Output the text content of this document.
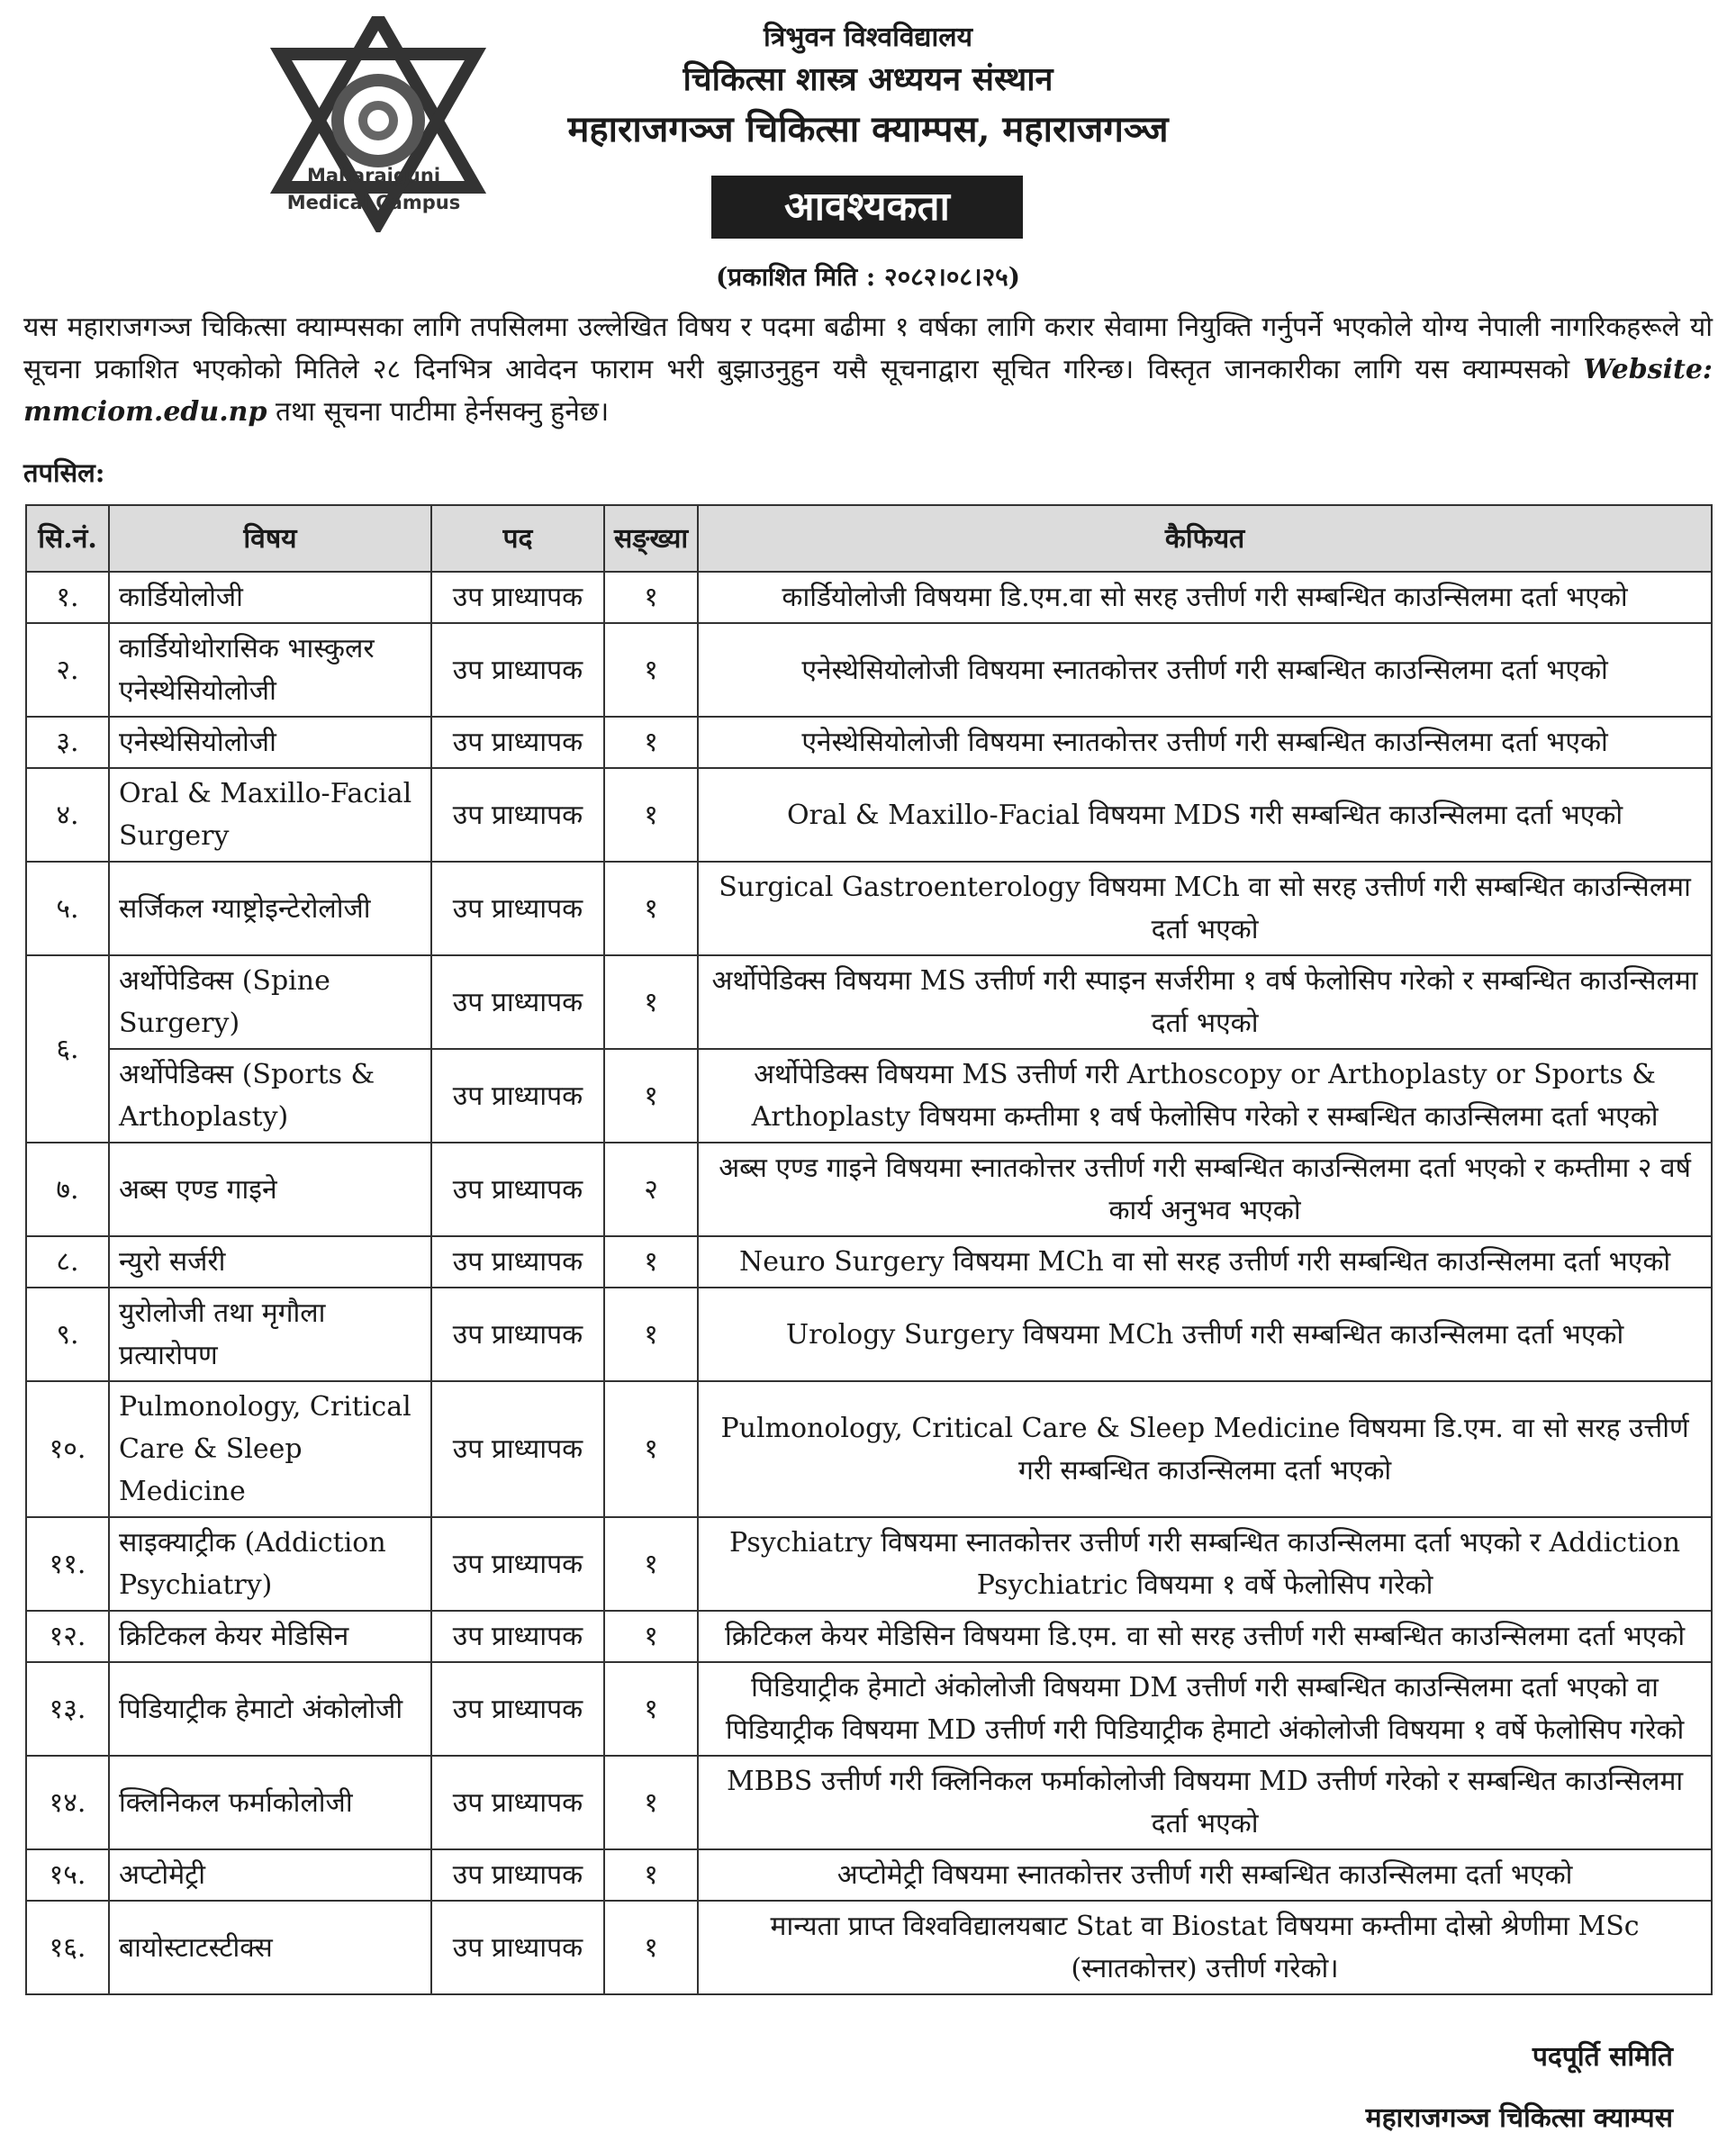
Maharajgunj
Medical Campus
त्रिभुवन विश्वविद्यालय
चिकित्सा शास्त्र अध्ययन संस्थान
महाराजगञ्ज चिकित्सा क्याम्पस, महाराजगञ्ज
आवश्यकता
(प्रकाशित मिति : २०८२।०८।२५)
यस महाराजगञ्ज चिकित्सा क्याम्पसका लागि तपसिलमा उल्लेखित विषय र पदमा बढीमा १ वर्षका लागि करार सेवामा नियुक्ति गर्नुपर्ने भएकोले योग्य नेपाली नागरिकहरूले यो सूचना प्रकाशित भएकोको मितिले २८ दिनभित्र आवेदन फाराम भरी बुझाउनुहुन यसै सूचनाद्वारा सूचित गरिन्छ। विस्तृत जानकारीका लागि यस क्याम्पसको Website: mmciom.edu.np तथा सूचना पाटीमा हेर्नसक्नु हुनेछ।
तपसिल:
सि.नं.	विषय	पद	सङ्ख्या	कैफियत
१.	कार्डियोलोजी	उप प्राध्यापक	१	कार्डियोलोजी विषयमा डि.एम.वा सो सरह उत्तीर्ण गरी सम्बन्धित काउन्सिलमा दर्ता भएको
२.	कार्डियोथोरासिक भास्कुलर एनेस्थेसियोलोजी	उप प्राध्यापक	१	एनेस्थेसियोलोजी विषयमा स्नातकोत्तर उत्तीर्ण गरी सम्बन्धित काउन्सिलमा दर्ता भएको
३.	एनेस्थेसियोलोजी	उप प्राध्यापक	१	एनेस्थेसियोलोजी विषयमा स्नातकोत्तर उत्तीर्ण गरी सम्बन्धित काउन्सिलमा दर्ता भएको
४.	Oral & Maxillo-Facial Surgery	उप प्राध्यापक	१	Oral & Maxillo-Facial विषयमा MDS गरी सम्बन्धित काउन्सिलमा दर्ता भएको
५.	सर्जिकल ग्याष्ट्रोइन्टेरोलोजी	उप प्राध्यापक	१	Surgical Gastroenterology विषयमा MCh वा सो सरह उत्तीर्ण गरी सम्बन्धित काउन्सिलमा दर्ता भएको
६.	अर्थोपेडिक्स (Spine Surgery)	उप प्राध्यापक	१	अर्थोपेडिक्स विषयमा MS उत्तीर्ण गरी स्पाइन सर्जरीमा १ वर्ष फेलोसिप गरेको र सम्बन्धित काउन्सिलमा दर्ता भएको
	अर्थोपेडिक्स (Sports & Arthoplasty)	उप प्राध्यापक	१	अर्थोपेडिक्स विषयमा MS उत्तीर्ण गरी Arthoscopy or Arthoplasty or Sports & Arthoplasty विषयमा कम्तीमा १ वर्ष फेलोसिप गरेको र सम्बन्धित काउन्सिलमा दर्ता भएको
७.	अब्स एण्ड गाइने	उप प्राध्यापक	२	अब्स एण्ड गाइने विषयमा स्नातकोत्तर उत्तीर्ण गरी सम्बन्धित काउन्सिलमा दर्ता भएको र कम्तीमा २ वर्ष कार्य अनुभव भएको
८.	न्युरो सर्जरी	उप प्राध्यापक	१	Neuro Surgery विषयमा MCh वा सो सरह उत्तीर्ण गरी सम्बन्धित काउन्सिलमा दर्ता भएको
९.	युरोलोजी तथा मृगौला प्रत्यारोपण	उप प्राध्यापक	१	Urology Surgery विषयमा MCh उत्तीर्ण गरी सम्बन्धित काउन्सिलमा दर्ता भएको
१०.	Pulmonology, Critical Care & Sleep Medicine	उप प्राध्यापक	१	Pulmonology, Critical Care & Sleep Medicine विषयमा डि.एम. वा सो सरह उत्तीर्ण गरी सम्बन्धित काउन्सिलमा दर्ता भएको
११.	साइक्याट्रीक (Addiction Psychiatry)	उप प्राध्यापक	१	Psychiatry विषयमा स्नातकोत्तर उत्तीर्ण गरी सम्बन्धित काउन्सिलमा दर्ता भएको र Addiction Psychiatric विषयमा १ वर्षे फेलोसिप गरेको
१२.	क्रिटिकल केयर मेडिसिन	उप प्राध्यापक	१	क्रिटिकल केयर मेडिसिन विषयमा डि.एम. वा सो सरह उत्तीर्ण गरी सम्बन्धित काउन्सिलमा दर्ता भएको
१३.	पिडियाट्रीक हेमाटो अंकोलोजी	उप प्राध्यापक	१	पिडियाट्रीक हेमाटो अंकोलोजी विषयमा DM उत्तीर्ण गरी सम्बन्धित काउन्सिलमा दर्ता भएको वा पिडियाट्रीक विषयमा MD उत्तीर्ण गरी पिडियाट्रीक हेमाटो अंकोलोजी विषयमा १ वर्षे फेलोसिप गरेको
१४.	क्लिनिकल फर्माकोलोजी	उप प्राध्यापक	१	MBBS उत्तीर्ण गरी क्लिनिकल फर्माकोलोजी विषयमा MD उत्तीर्ण गरेको र सम्बन्धित काउन्सिलमा दर्ता भएको
१५.	अप्टोमेट्री	उप प्राध्यापक	१	अप्टोमेट्री विषयमा स्नातकोत्तर उत्तीर्ण गरी सम्बन्धित काउन्सिलमा दर्ता भएको
१६.	बायोस्टाटस्टीक्स	उप प्राध्यापक	१	मान्यता प्राप्त विश्वविद्यालयबाट Stat वा Biostat विषयमा कम्तीमा दोस्रो श्रेणीमा MSc (स्नातकोत्तर) उत्तीर्ण गरेको।
पदपूर्ति समिति
महाराजगञ्ज चिकित्सा क्याम्पस
